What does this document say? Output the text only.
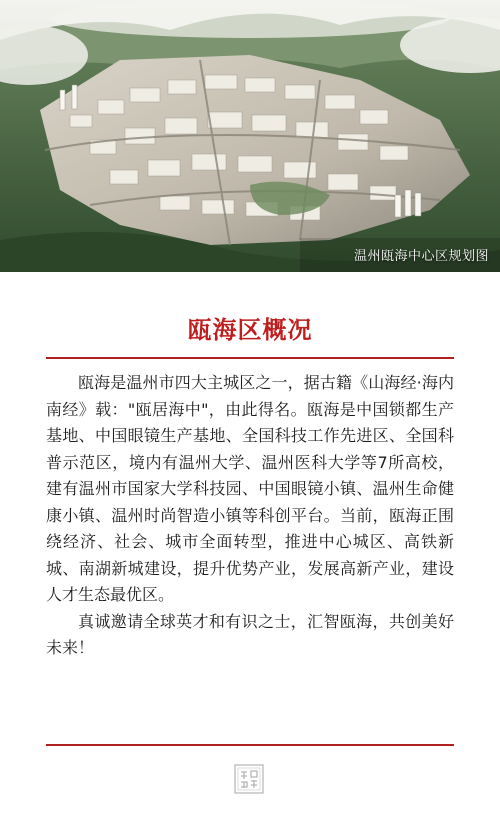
温州瓯海中心区规划图
瓯海区概况

瓯海是温州市四大主城区之一，据古籍《山海经·海内南经》载："瓯居海中"，由此得名。瓯海是中国锁都生产基地、中国眼镜生产基地、全国科技工作先进区、全国科普示范区，境内有温州大学、温州医科大学等7所高校，建有温州市国家大学科技园、中国眼镜小镇、温州生命健康小镇、温州时尚智造小镇等科创平台。当前，瓯海正围绕经济、社会、城市全面转型，推进中心城区、高铁新城、南湖新城建设，提升优势产业，发展高新产业，建设人才生态最优区。

真诚邀请全球英才和有识之士，汇智瓯海，共创美好未来！
